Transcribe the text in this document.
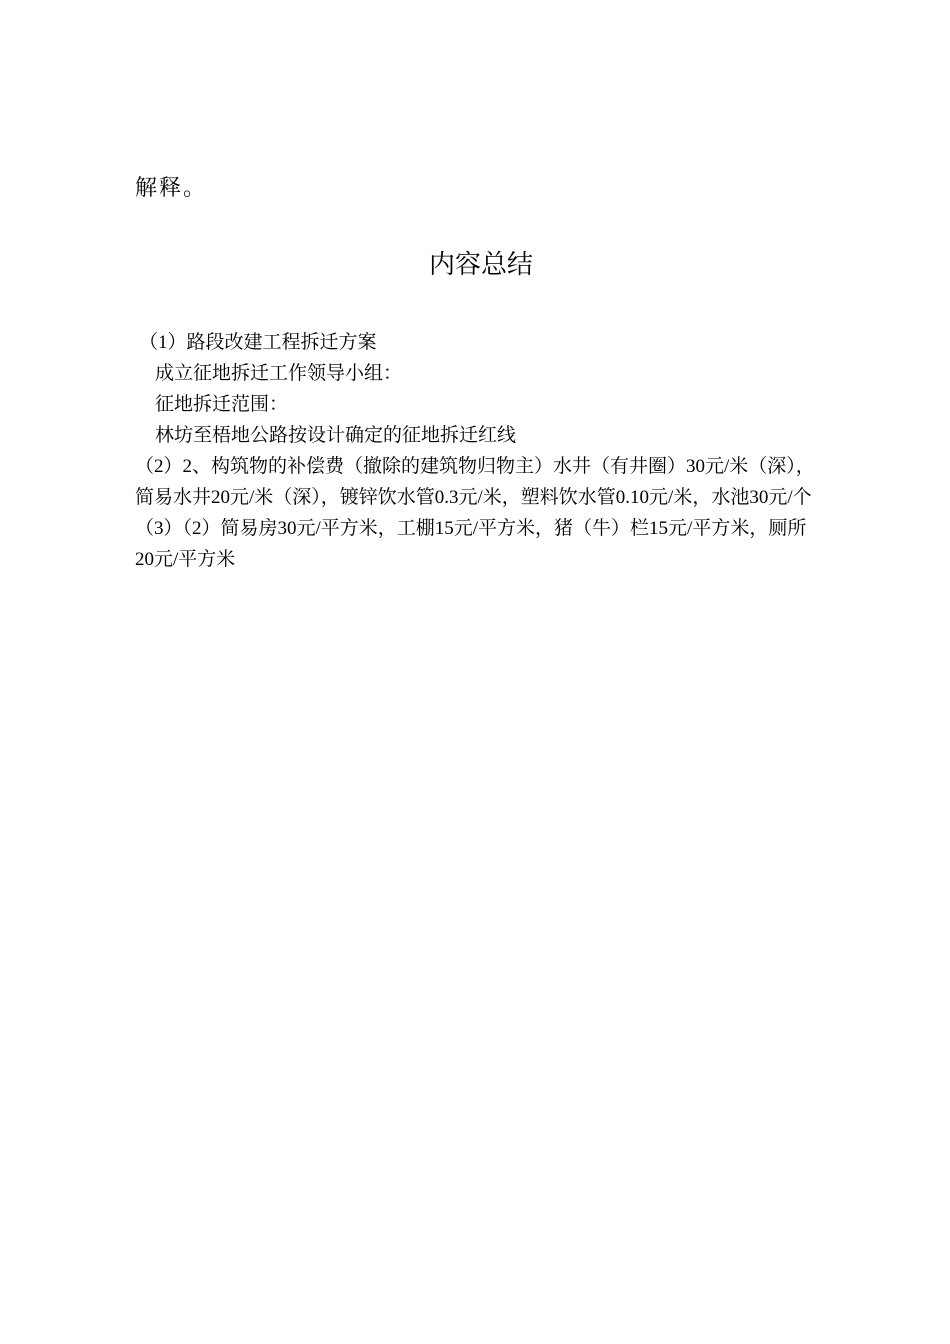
解释。
内容总结

（1）路段改建工程拆迁方案

成立征地拆迁工作领导小组：

征地拆迁范围：

林坊至梧地公路按设计确定的征地拆迁红线

（2）2、构筑物的补偿费（撤除的建筑物归物主）水井（有井圈）30元/米（深），简易水井20元/米（深），镀锌饮水管0.3元/米，塑料饮水管0.10元/米，水池30元/个

（3）（2）简易房30元/平方米，工棚15元/平方米，猪（牛）栏15元/平方米，厕所20元/平方米
